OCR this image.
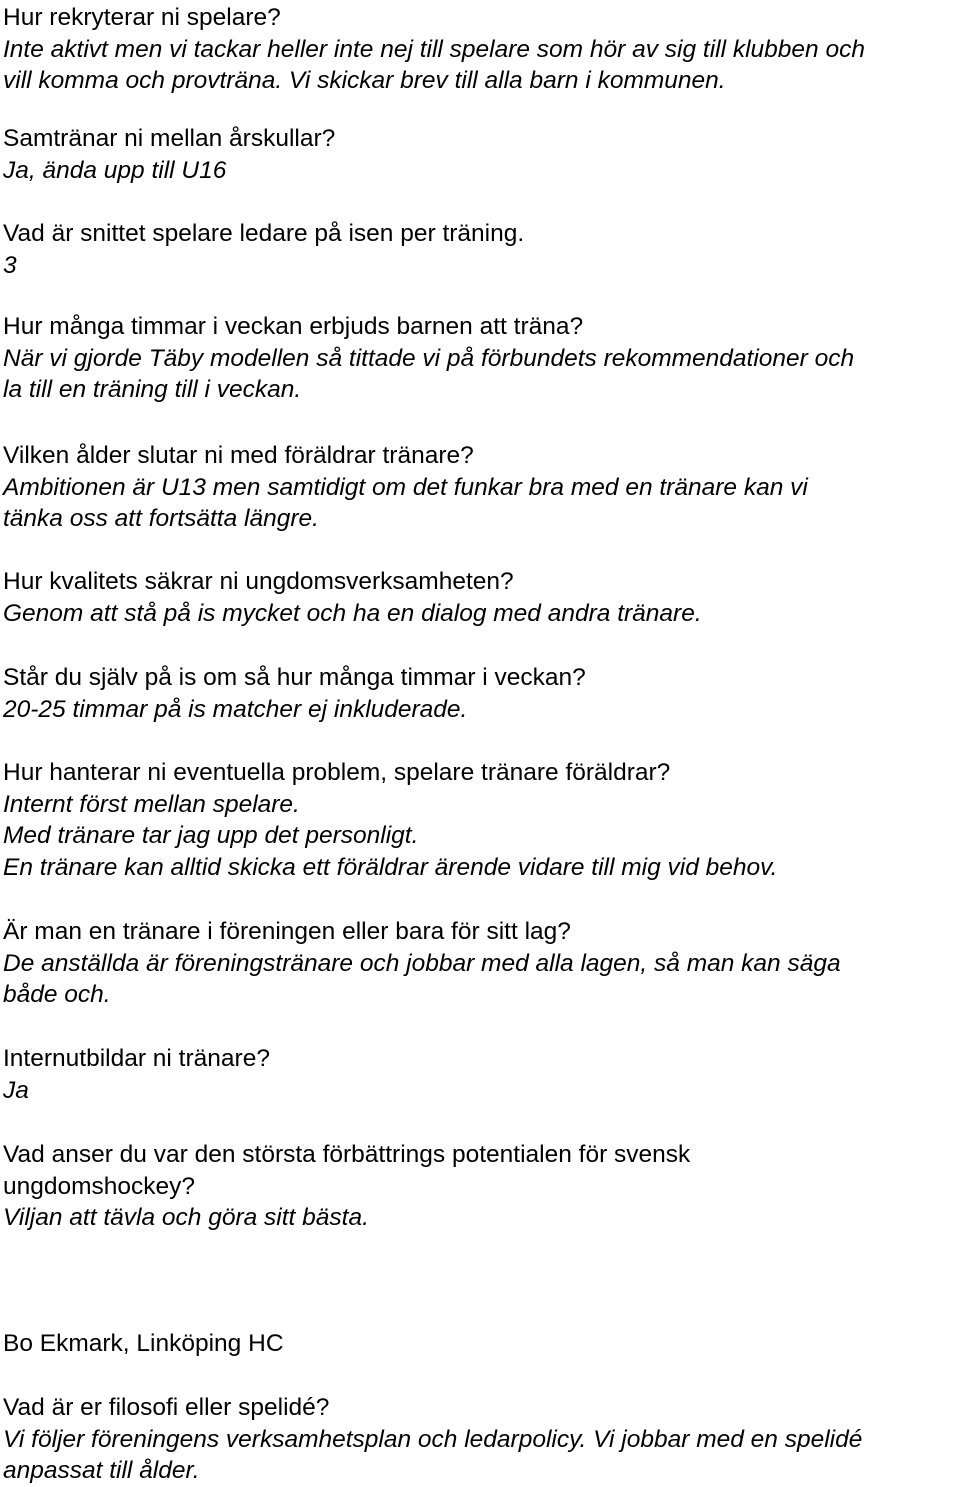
Hur rekryterar ni spelare?
Inte aktivt men vi tackar heller inte nej till spelare som hör av sig till klubben och
vill komma och provträna. Vi skickar brev till alla barn i kommunen.
Samtränar ni mellan årskullar?
Ja, ända upp till U16
Vad är snittet spelare ledare på isen per träning.
3
Hur många timmar i veckan erbjuds barnen att träna?
När vi gjorde Täby modellen så tittade vi på förbundets rekommendationer och
la till en träning till i veckan.
Vilken ålder slutar ni med föräldrar tränare?
Ambitionen är U13 men samtidigt om det funkar bra med en tränare kan vi
tänka oss att fortsätta längre.
Hur kvalitets säkrar ni ungdomsverksamheten?
Genom att stå på is mycket och ha en dialog med andra tränare.
Står du själv på is om så hur många timmar i veckan?
20-25 timmar på is matcher ej inkluderade.
Hur hanterar ni eventuella problem, spelare tränare föräldrar?
Internt först mellan spelare.
Med tränare tar jag upp det personligt.
En tränare kan alltid skicka ett föräldrar ärende vidare till mig vid behov.
Är man en tränare i föreningen eller bara för sitt lag?
De anställda är föreningstränare och jobbar med alla lagen, så man kan säga
både och.
Internutbildar ni tränare?
Ja
Vad anser du var den största förbättrings potentialen för svensk
ungdomshockey?
Viljan att tävla och göra sitt bästa.
Bo Ekmark, Linköping HC
Vad är er filosofi eller spelidé?
Vi följer föreningens verksamhetsplan och ledarpolicy. Vi jobbar med en spelidé
anpassat till ålder.
